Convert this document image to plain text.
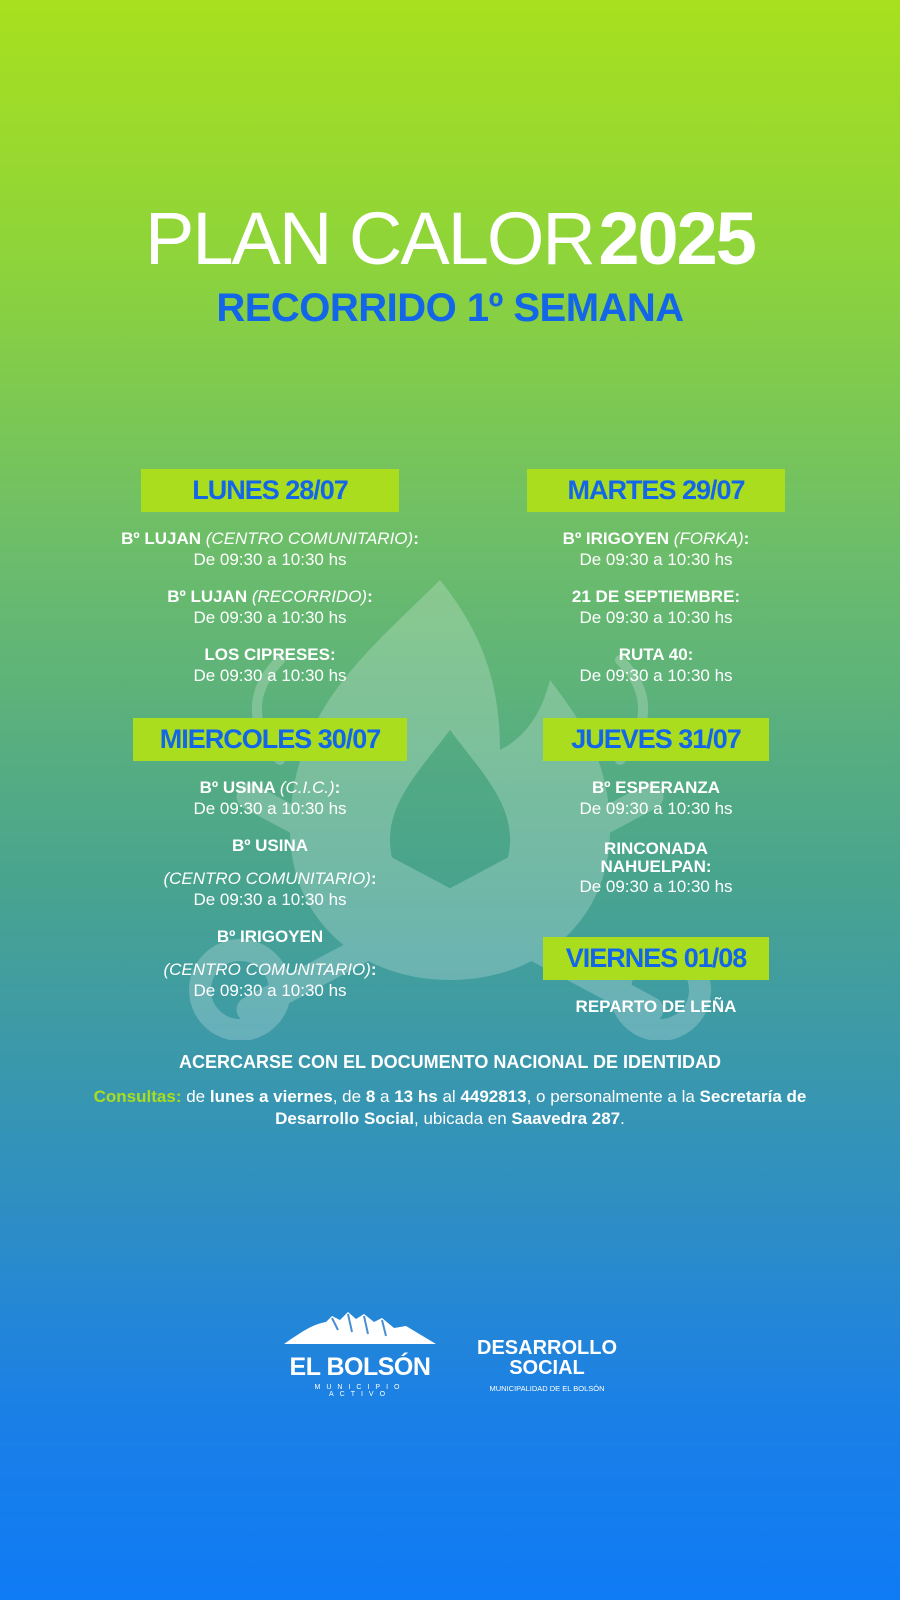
PLAN CALOR 2025
RECORRIDO 1º SEMANA
LUNES 28/07
Bº LUJAN (CENTRO COMUNITARIO):
De 09:30 a 10:30 hs
Bº LUJAN (RECORRIDO):
De 09:30 a 10:30 hs
LOS CIPRESES:
De 09:30 a 10:30 hs
MARTES 29/07
Bº IRIGOYEN (FORKA):
De 09:30 a 10:30 hs
21 DE SEPTIEMBRE:
De 09:30 a 10:30 hs
RUTA 40:
De 09:30 a 10:30 hs
MIERCOLES 30/07
Bº USINA (C.I.C.):
De 09:30 a 10:30 hs
Bº USINA
(CENTRO COMUNITARIO):
De 09:30 a 10:30 hs
Bº IRIGOYEN
(CENTRO COMUNITARIO):
De 09:30 a 10:30 hs
JUEVES 31/07
Bº ESPERANZA
De 09:30 a 10:30 hs
RINCONADA NAHUELPAN:
De 09:30 a 10:30 hs
VIERNES 01/08
REPARTO DE LEÑA
ACERCARSE CON EL DOCUMENTO NACIONAL DE IDENTIDAD
Consultas: de lunes a viernes, de 8 a 13 hs al 4492813, o personalmente a la Secretaría de Desarrollo Social, ubicada en Saavedra 287.
EL BOLSÓN
MUNICIPIO ACTIVO
DESARROLLO
SOCIAL
MUNICIPALIDAD DE EL BOLSÓN
